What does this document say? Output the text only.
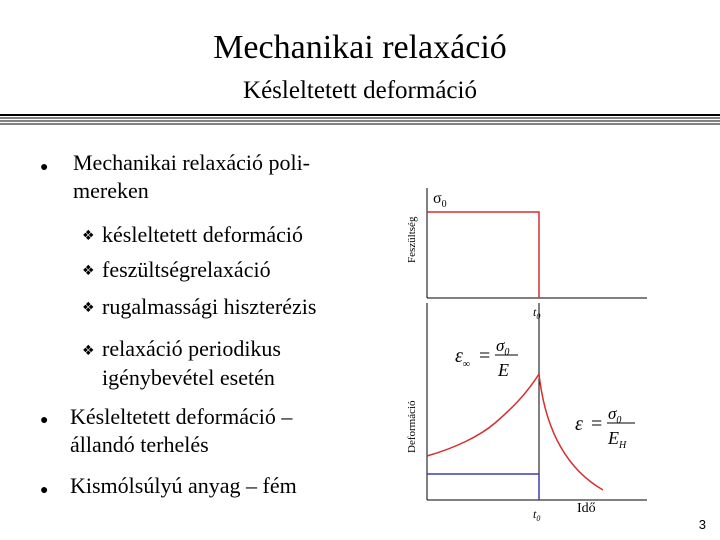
Mechanikai relaxáció
Késleltetett deformáció
● Mechanikai relaxáció poli-
mereken
❖ késleltetett deformáció
❖ feszültségrelaxáció
❖ rugalmassági hiszterézis
❖ relaxáció periodikus
igénybevétel esetén
● Késleltetett deformáció –
állandó terhelés
● Kismólsúlyú anyag – fém
$\sigma_0$
Feszültség
$t_0$
Deformáció
$t_0$
Idő
$\varepsilon_\infty = \sigma_0$
E
$\varepsilon = \sigma_0$
$E_H$
3
